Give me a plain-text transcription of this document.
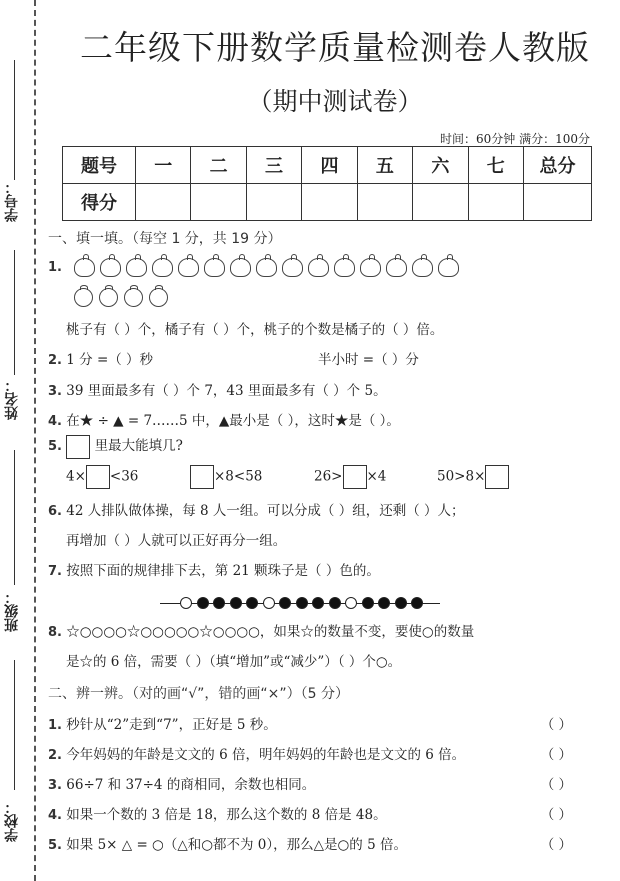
学号：
姓名：
班级：
学校：
二年级下册数学质量检测卷人教版
（期中测试卷）
时间：60分钟 满分：100分
题号	一	二	三	四	五	六	七	总分
得分								
一、填一填。（每空 1 分，共 19 分）
1.
桃子有（ ）个，橘子有（ ）个，桃子的个数是橘子的（ ）倍。
2. 1 分 =（ ）秒	半小时 =（ ）分
3. 39 里面最多有（ ）个 7，43 里面最多有（ ）个 5。
4. 在★ ÷ ▲ = 7……5 中，▲最小是（ ），这时★是（ ）。
5. 里最大能填几?
4× <36	×8<58	26> ×4	50>8×
6. 42 人排队做体操，每 8 人一组。可以分成（ ）组，还剩（ ）人；
再增加（ ）人就可以正好再分一组。
7. 按照下面的规律排下去，第 21 颗珠子是（ ）色的。
8. ☆○○○○☆○○○○○☆○○○○，如果☆的数量不变，要使○的数量
是☆的 6 倍，需要（ ）（填“增加”或“减少”）（ ）个○。
二、辨一辨。（对的画“√”，错的画“×”）（5 分）
1. 秒针从“2”走到“7”，正好是 5 秒。	（ ）
2. 今年妈妈的年龄是文文的 6 倍，明年妈妈的年龄也是文文的 6 倍。	（ ）
3. 66÷7 和 37÷4 的商相同，余数也相同。	（ ）
4. 如果一个数的 3 倍是 18，那么这个数的 8 倍是 48。	（ ）
5. 如果 5× △ = ○（△和○都不为 0），那么△是○的 5 倍。	（ ）
